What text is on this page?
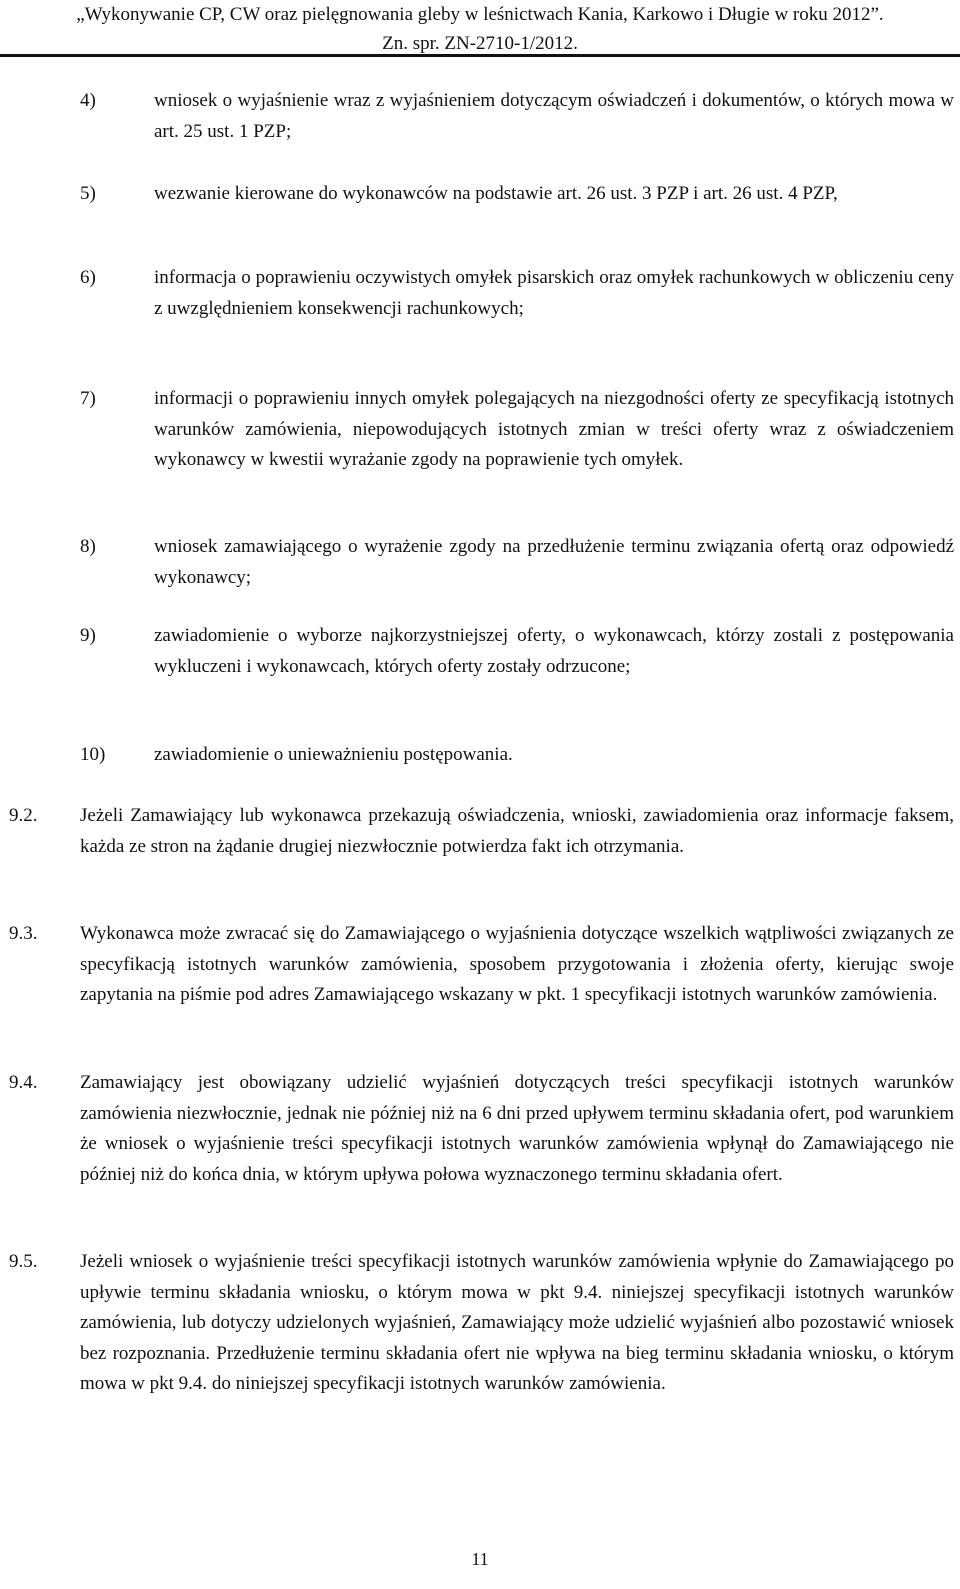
„Wykonywanie CP, CW oraz pielęgnowania gleby w leśnictwach Kania, Karkowo i Długie w roku 2012”.
Zn. spr. ZN-2710-1/2012.
4)	wniosek o wyjaśnienie wraz z wyjaśnieniem dotyczącym oświadczeń i dokumentów, o których mowa w art. 25 ust. 1 PZP;
5)	wezwanie kierowane do wykonawców na podstawie art. 26 ust. 3 PZP i art. 26 ust. 4 PZP,
6)	informacja o poprawieniu oczywistych omyłek pisarskich oraz omyłek rachunkowych w obliczeniu ceny z uwzględnieniem konsekwencji rachunkowych;
7)	informacji o poprawieniu innych omyłek polegających na niezgodności oferty ze specyfikacją istotnych warunków zamówienia, niepowodujących istotnych zmian w treści oferty wraz z oświadczeniem wykonawcy w kwestii wyrażanie zgody na poprawienie tych omyłek.
8)	wniosek zamawiającego o wyrażenie zgody na przedłużenie terminu związania ofertą oraz odpowiedź wykonawcy;
9)	zawiadomienie o wyborze najkorzystniejszej oferty, o wykonawcach, którzy zostali z postępowania wykluczeni i wykonawcach, których oferty zostały odrzucone;
10)	zawiadomienie o unieważnieniu postępowania.
9.2. Jeżeli Zamawiający lub wykonawca przekazują oświadczenia, wnioski, zawiadomienia oraz informacje faksem, każda ze stron na żądanie drugiej niezwłocznie potwierdza fakt ich otrzymania.
9.3. Wykonawca może zwracać się do Zamawiającego o wyjaśnienia dotyczące wszelkich wątpliwości związanych ze specyfikacją istotnych warunków zamówienia, sposobem przygotowania i złożenia oferty, kierując swoje zapytania na piśmie pod adres Zamawiającego wskazany w pkt. 1 specyfikacji istotnych warunków zamówienia.
9.4. Zamawiający jest obowiązany udzielić wyjaśnień dotyczących treści specyfikacji istotnych warunków zamówienia niezwłocznie, jednak nie później niż na 6 dni przed upływem terminu składania ofert, pod warunkiem że wniosek o wyjaśnienie treści specyfikacji istotnych warunków zamówienia wpłynął do Zamawiającego nie później niż do końca dnia, w którym upływa połowa wyznaczonego terminu składania ofert.
9.5. Jeżeli wniosek o wyjaśnienie treści specyfikacji istotnych warunków zamówienia wpłynie do Zamawiającego po upływie terminu składania wniosku, o którym mowa w pkt 9.4. niniejszej specyfikacji istotnych warunków zamówienia, lub dotyczy udzielonych wyjaśnień, Zamawiający może udzielić wyjaśnień albo pozostawić wniosek bez rozpoznania. Przedłużenie terminu składania ofert nie wpływa na bieg terminu składania wniosku, o którym mowa w pkt 9.4. do niniejszej specyfikacji istotnych warunków zamówienia.
11
